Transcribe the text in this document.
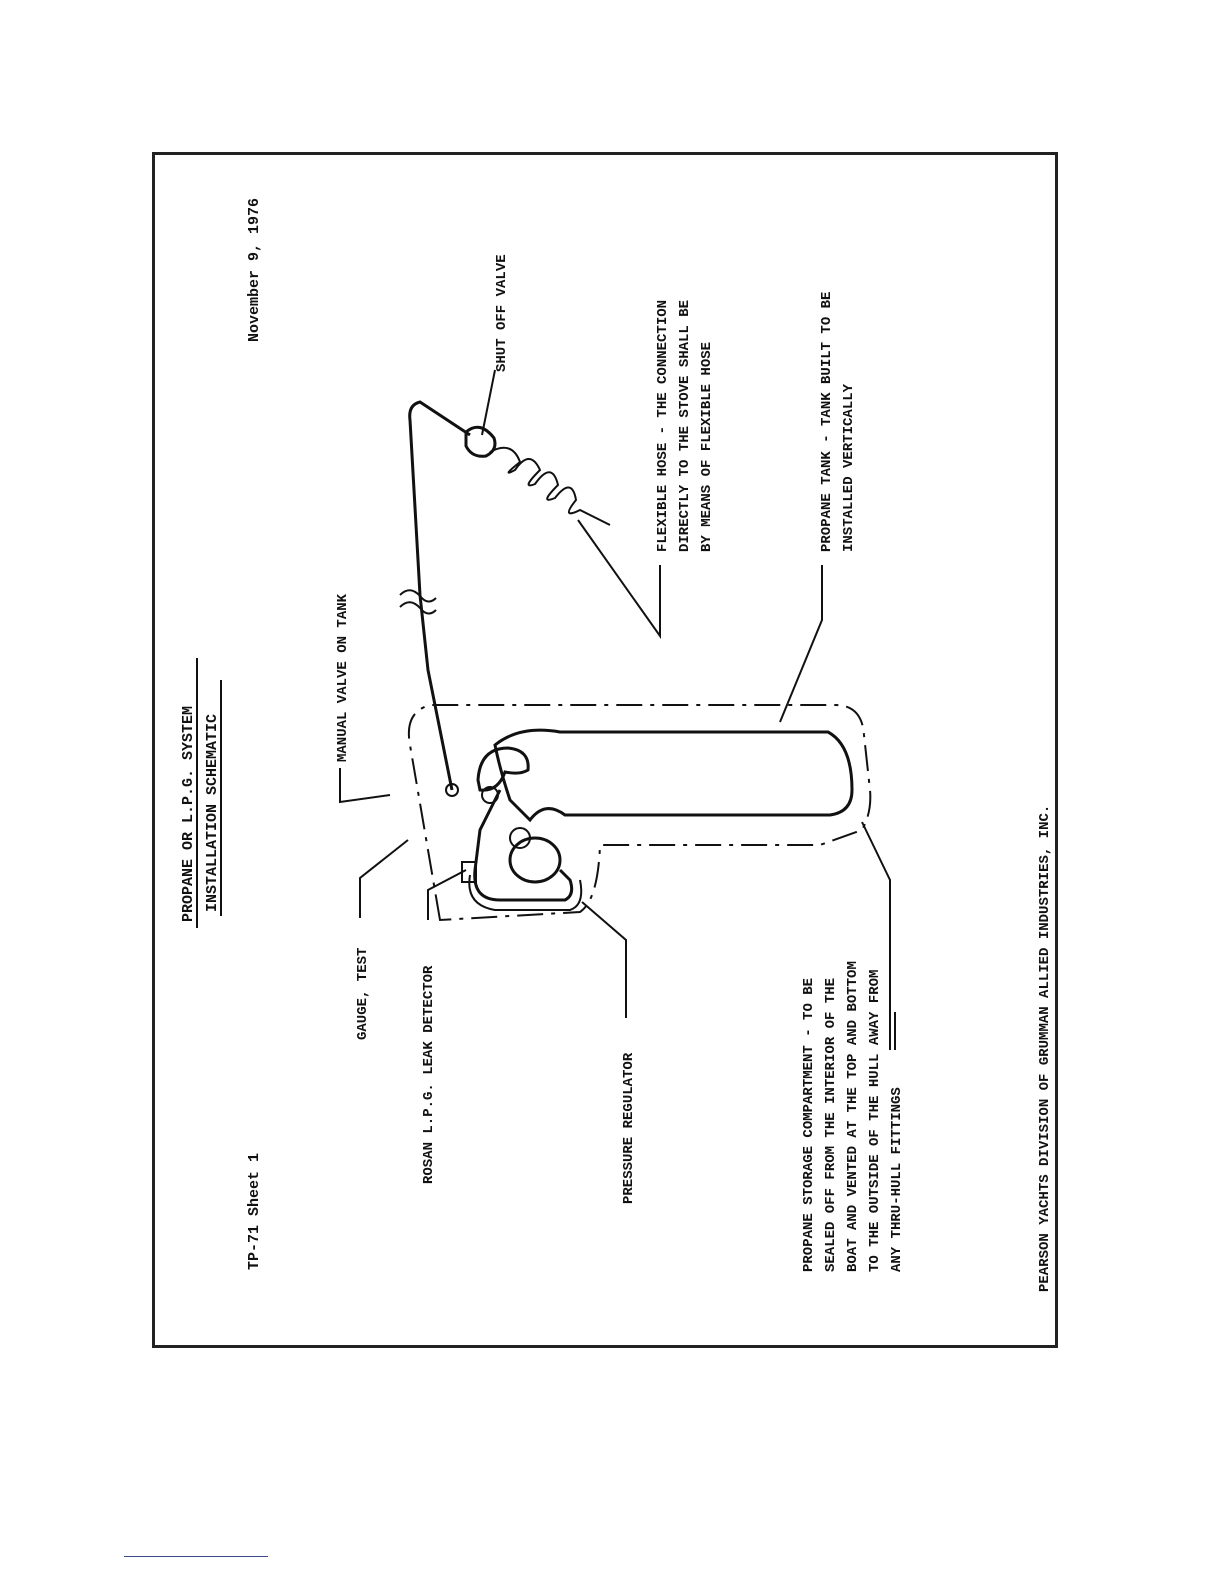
TP-71 Sheet 1
PROPANE OR L.P.G. SYSTEM INSTALLATION SCHEMATIC
November 9, 1976
MANUAL VALVE ON TANK
SHUT OFF VALVE	FLEXIBLE HOSE - THE CONNECTION DIRECTLY TO THE STOVE SHALL BE BY MEANS OF FLEXIBLE HOSE	PROPANE TANK - TANK BUILT TO BE INSTALLED VERTICALLY
GAUGE, TEST	ROSAN L.P.G. LEAK DETECTOR	PRESSURE REGULATOR	PROPANE STORAGE COMPARTMENT - TO BE SEALED OFF FROM THE INTERIOR OF THE BOAT AND VENTED AT THE TOP AND BOTTOM TO THE OUTSIDE OF THE HULL AWAY FROM ANY THRU-HULL FITTINGS	PEARSON YACHTS DIVISION OF GRUMMAN ALLIED INDUSTRIES, INC.
